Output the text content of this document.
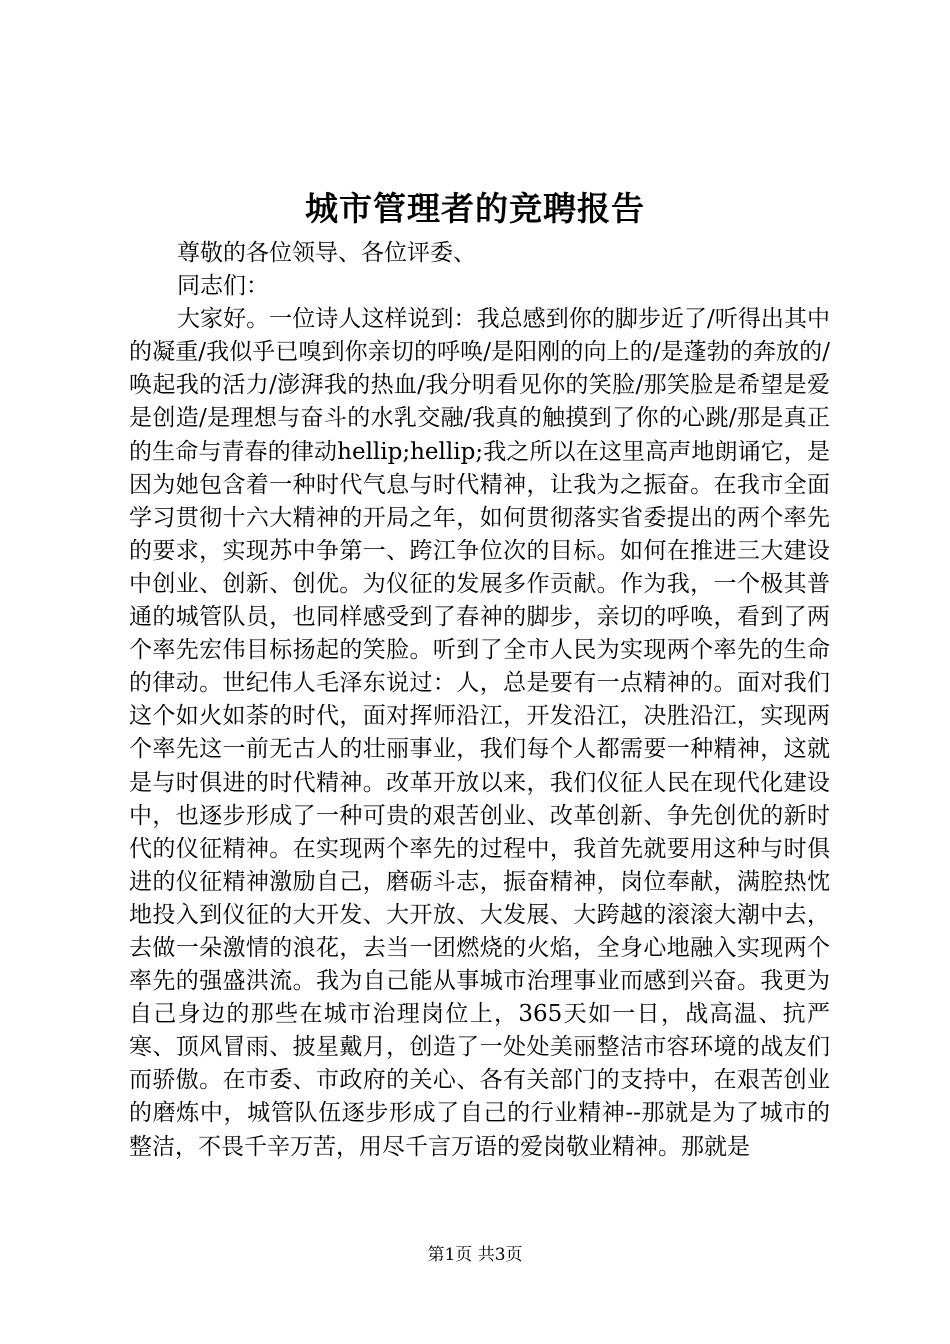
城市管理者的竞聘报告

尊敬的各位领导、各位评委、

同志们：

大家好。一位诗人这样说到：我总感到你的脚步近了/听得出其中的凝重/我似乎已嗅到你亲切的呼唤/是阳刚的向上的/是蓬勃的奔放的/唤起我的活力/澎湃我的热血/我分明看见你的笑脸/那笑脸是希望是爱是创造/是理想与奋斗的水乳交融/我真的触摸到了你的心跳/那是真正的生命与青春的律动hellip;hellip;我之所以在这里高声地朗诵它，是因为她包含着一种时代气息与时代精神，让我为之振奋。在我市全面学习贯彻十六大精神的开局之年，如何贯彻落实省委提出的两个率先的要求，实现苏中争第一、跨江争位次的目标。如何在推进三大建设中创业、创新、创优。为仪征的发展多作贡献。作为我，一个极其普通的城管队员，也同样感受到了春神的脚步，亲切的呼唤，看到了两个率先宏伟目标扬起的笑脸。听到了全市人民为实现两个率先的生命的律动。世纪伟人毛泽东说过：人，总是要有一点精神的。面对我们这个如火如荼的时代，面对挥师沿江，开发沿江，决胜沿江，实现两个率先这一前无古人的壮丽事业，我们每个人都需要一种精神，这就是与时俱进的时代精神。改革开放以来，我们仪征人民在现代化建设中，也逐步形成了一种可贵的艰苦创业、改革创新、争先创优的新时代的仪征精神。在实现两个率先的过程中，我首先就要用这种与时俱进的仪征精神激励自己，磨砺斗志，振奋精神，岗位奉献，满腔热忱地投入到仪征的大开发、大开放、大发展、大跨越的滚滚大潮中去，去做一朵激情的浪花，去当一团燃烧的火焰，全身心地融入实现两个率先的强盛洪流。我为自己能从事城市治理事业而感到兴奋。我更为自己身边的那些在城市治理岗位上，365天如一日，战高温、抗严寒、顶风冒雨、披星戴月，创造了一处处美丽整洁市容环境的战友们而骄傲。在市委、市政府的关心、各有关部门的支持中，在艰苦创业的磨炼中，城管队伍逐步形成了自己的行业精神--那就是为了城市的整洁，不畏千辛万苦，用尽千言万语的爱岗敬业精神。那就是

第1页 共3页
